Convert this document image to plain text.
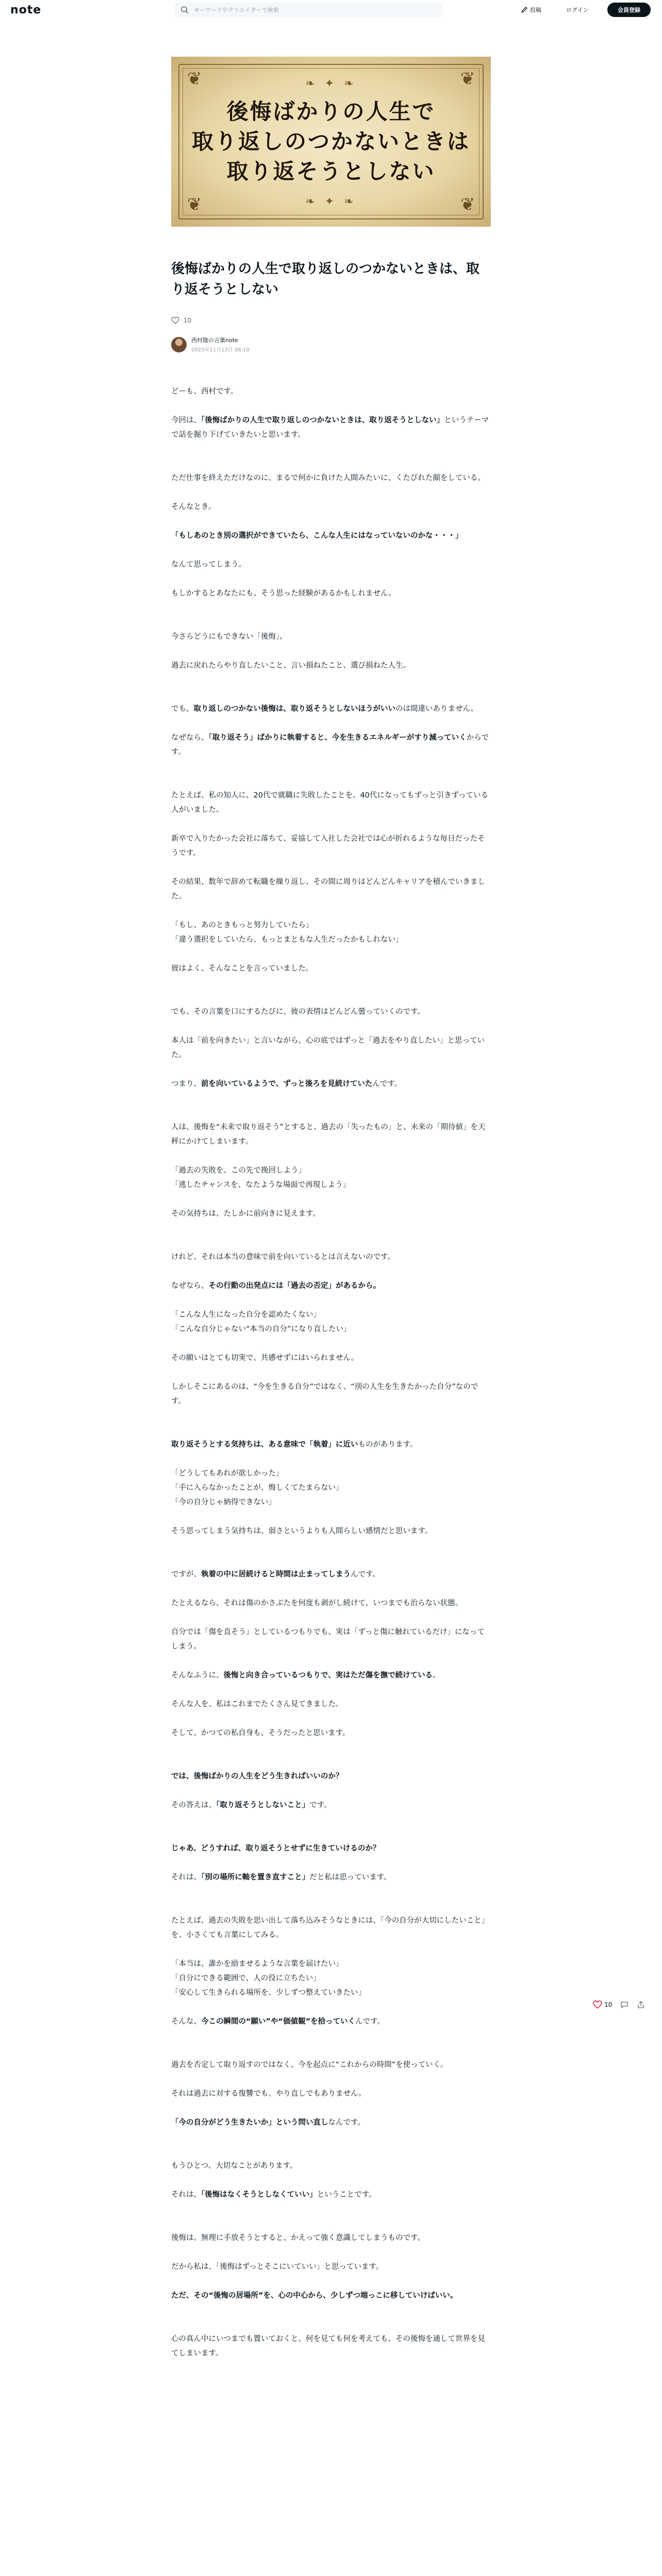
note	キーワードやクリエイターで検索	投稿	ログイン	会員登録
❦	❦
❦	❦
❧ ✦ ❧
❧ ✦ ❧
後悔ばかりの人生で
取り返しのつかないときは
取り返そうとしない
後悔ばかりの人生で取り返しのつかないときは、取り返そうとしない
10
西村隆の言葉note
2023年11月13日 06:10

どーも、西村です。

今回は、「後悔ばかりの人生で取り返しのつかないときは、取り返そうとしない」というテーマで話を掘り下げていきたいと思います。

ただ仕事を終えただけなのに、まるで何かに負けた人間みたいに、くたびれた顔をしている。

そんなとき。

「もしあのとき別の選択ができていたら、こんな人生にはなっていないのかな・・・」

なんて思ってしまう。

もしかするとあなたにも、そう思った経験があるかもしれません。

今さらどうにもできない「後悔」。

過去に戻れたらやり直したいこと、言い損ねたこと、選び損ねた人生。

でも、取り返しのつかない後悔は、取り返そうとしないほうがいいのは間違いありません。

なぜなら、「取り返そう」ばかりに執着すると、今を生きるエネルギーがすり減っていくからです。

たとえば、私の知人に、20代で就職に失敗したことを、40代になってもずっと引きずっている人がいました。

新卒で入りたかった会社に落ちて、妥協して入社した会社では心が折れるような毎日だったそうです。

その結果、数年で辞めて転職を繰り返し、その間に周りはどんどんキャリアを積んでいきました。

「もし、あのときもっと努力していたら」
「違う選択をしていたら、もっとまともな人生だったかもしれない」

彼はよく、そんなことを言っていました。

でも、その言葉を口にするたびに、彼の表情はどんどん曇っていくのです。

本人は「前を向きたい」と言いながら、心の底ではずっと「過去をやり直したい」と思っていた。

つまり、前を向いているようで、ずっと後ろを見続けていたんです。

人は、後悔を“未来で取り返そう”とすると、過去の「失ったもの」と、未来の「期待値」を天秤にかけてしまいます。

「過去の失敗を、この先で挽回しよう」
「逃したチャンスを、なたような場面で再現しよう」

その気持ちは、たしかに前向きに見えます。

けれど、それは本当の意味で前を向いているとは言えないのです。

なぜなら、その行動の出発点には「過去の否定」があるから。

「こんな人生になった自分を認めたくない」
「こんな自分じゃない“本当の自分”になり直したい」

その願いはとても切実で、共感せずにはいられません。

しかしそこにあるのは、“今を生きる自分”ではなく、“別の人生を生きたかった自分”なのです。

取り返そうとする気持ちは、ある意味で「執着」に近いものがあります。

「どうしてもあれが欲しかった」
「手に入らなかったことが、悔しくてたまらない」
「今の自分じゃ納得できない」

そう思ってしまう気持ちは、弱さというよりも人間らしい感情だと思います。

ですが、執着の中に居続けると時間は止まってしまうんです。

たとえるなら、それは傷のかさぶたを何度も剥がし続けて、いつまでも治らない状態。

自分では「傷を直そう」としているつもりでも、実は「ずっと傷に触れているだけ」になってしまう。

そんなふうに、後悔と向き合っているつもりで、実はただ傷を撫で続けている。

そんな人を、私はこれまでたくさん見てきました。

そして、かつての私自身も、そうだったと思います。

では、後悔ばかりの人生をどう生きればいいのか？

その答えは、「取り返そうとしないこと」です。

じゃあ、どうすれば、取り返そうとせずに生きていけるのか？

それは、「別の場所に軸を置き直すこと」だと私は思っています。

たとえば、過去の失敗を思い出して落ち込みそうなときには、「今の自分が大切にしたいこと」を、小さくても言葉にしてみる。

「本当は、誰かを励ませるような言葉を届けたい」
「自分にできる範囲で、人の役に立ちたい」
「安心して生きられる場所を、少しずつ整えていきたい」

そんな、今この瞬間の“願い”や“価値観”を拾っていくんです。

過去を否定して取り返すのではなく、今を起点に“これからの時間”を使っていく。

それは過去に対する復讐でも、やり直しでもありません。

「今の自分がどう生きたいか」という問い直しなんです。

もうひとつ、大切なことがあります。

それは、「後悔はなくそうとしなくていい」ということです。

後悔は、無理に手放そうとすると、かえって強く意識してしまうものです。

だから私は、「後悔はずっとそこにいていい」と思っています。

ただ、その“後悔の居場所”を、心の中心から、少しずつ端っこに移していけばいい。

心の真ん中にいつまでも置いておくと、何を見ても何を考えても、その後悔を通して世界を見てしまいます。

10
